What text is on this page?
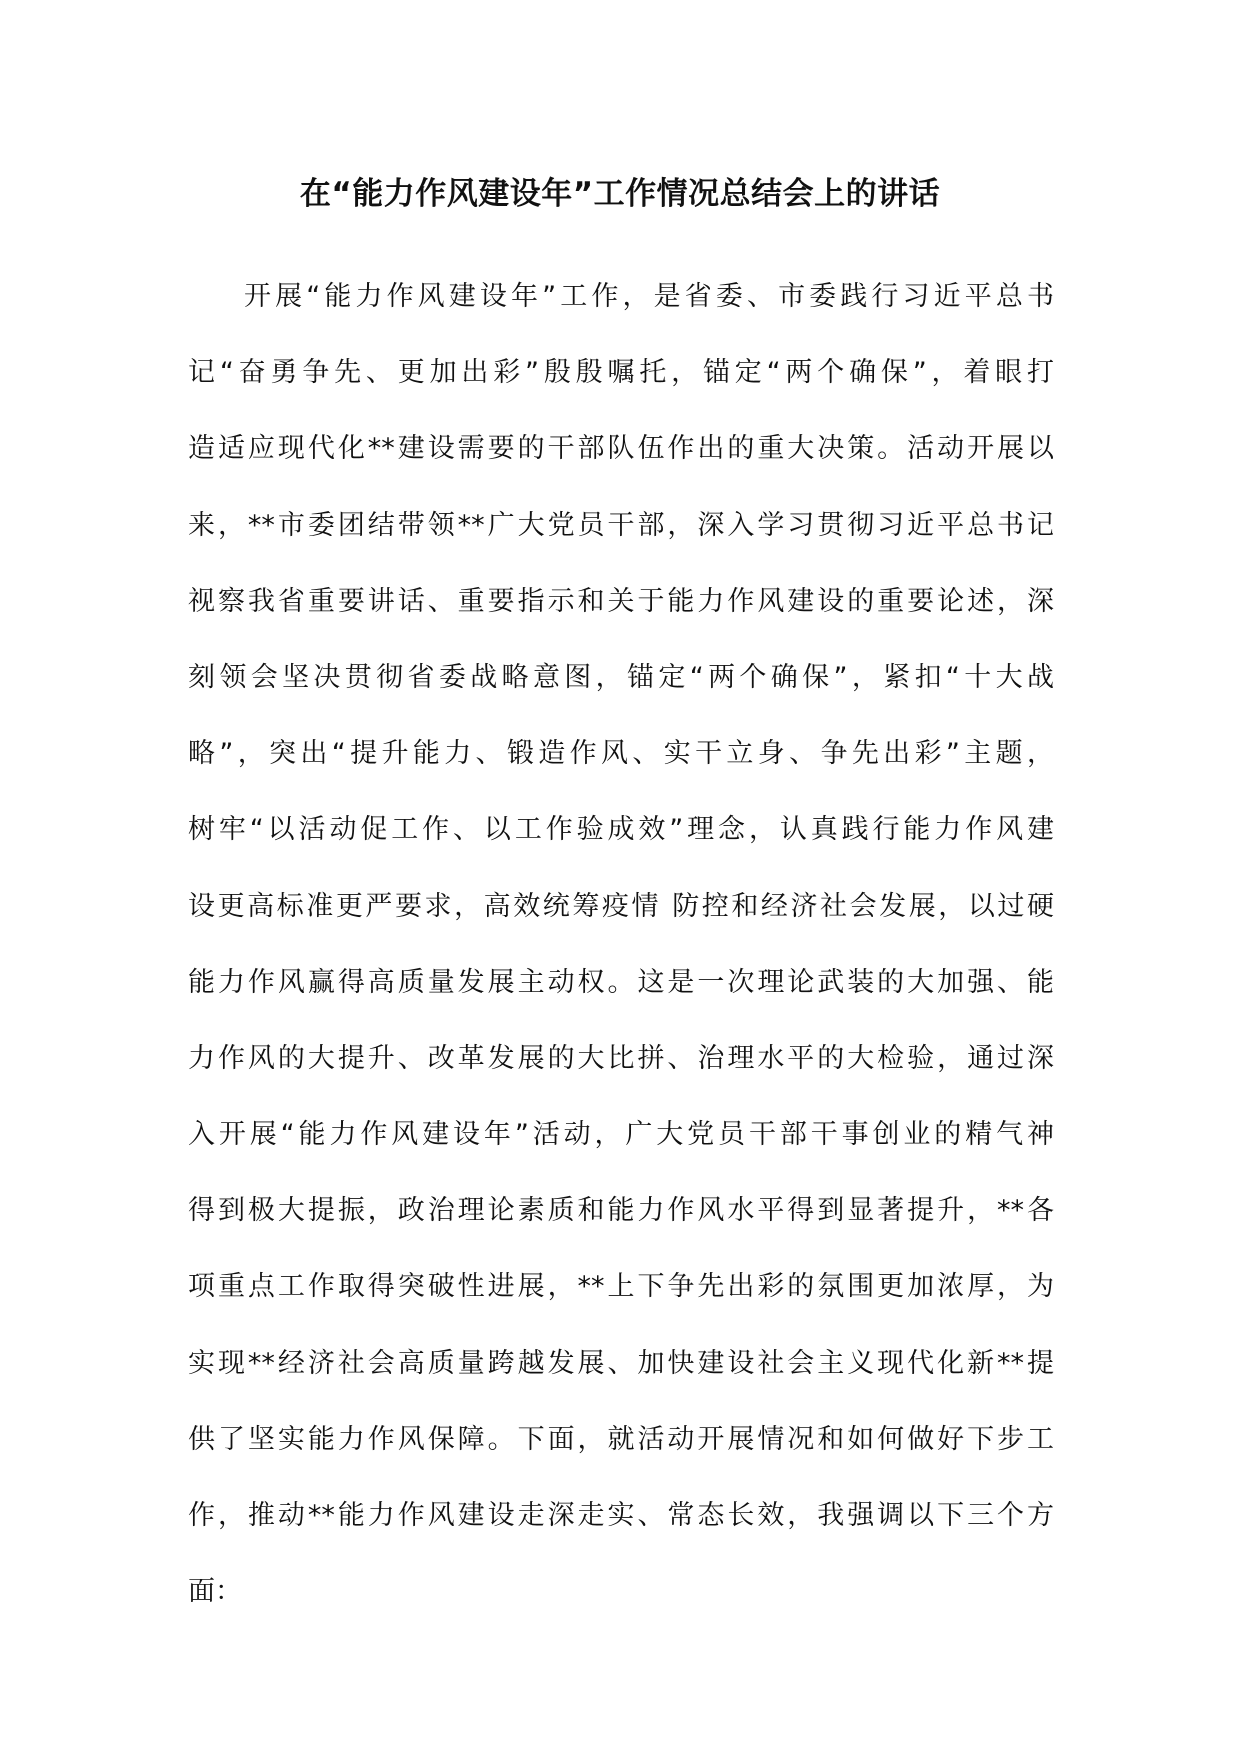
在“能力作风建设年”工作情况总结会上的讲话
开展“能力作风建设年”工作，是省委、市委践行习近平总书
记“奋勇争先、更加出彩”殷殷嘱托，锚定“两个确保”，着眼打
造适应现代化**建设需要的干部队伍作出的重大决策。活动开展以
来，**市委团结带领**广大党员干部，深入学习贯彻习近平总书记
视察我省重要讲话、重要指示和关于能力作风建设的重要论述，深
刻领会坚决贯彻省委战略意图，锚定“两个确保”，紧扣“十大战
略”，突出“提升能力、锻造作风、实干立身、争先出彩”主题，
树牢“以活动促工作、以工作验成效”理念，认真践行能力作风建
设更高标准更严要求，高效统筹疫情 防控和经济社会发展，以过硬
能力作风赢得高质量发展主动权。这是一次理论武装的大加强、能
力作风的大提升、改革发展的大比拼、治理水平的大检验，通过深
入开展“能力作风建设年”活动，广大党员干部干事创业的精气神
得到极大提振，政治理论素质和能力作风水平得到显著提升，**各
项重点工作取得突破性进展，**上下争先出彩的氛围更加浓厚，为
实现**经济社会高质量跨越发展、加快建设社会主义现代化新**提
供了坚实能力作风保障。下面，就活动开展情况和如何做好下步工
作，推动**能力作风建设走深走实、常态长效，我强调以下三个方
面：
